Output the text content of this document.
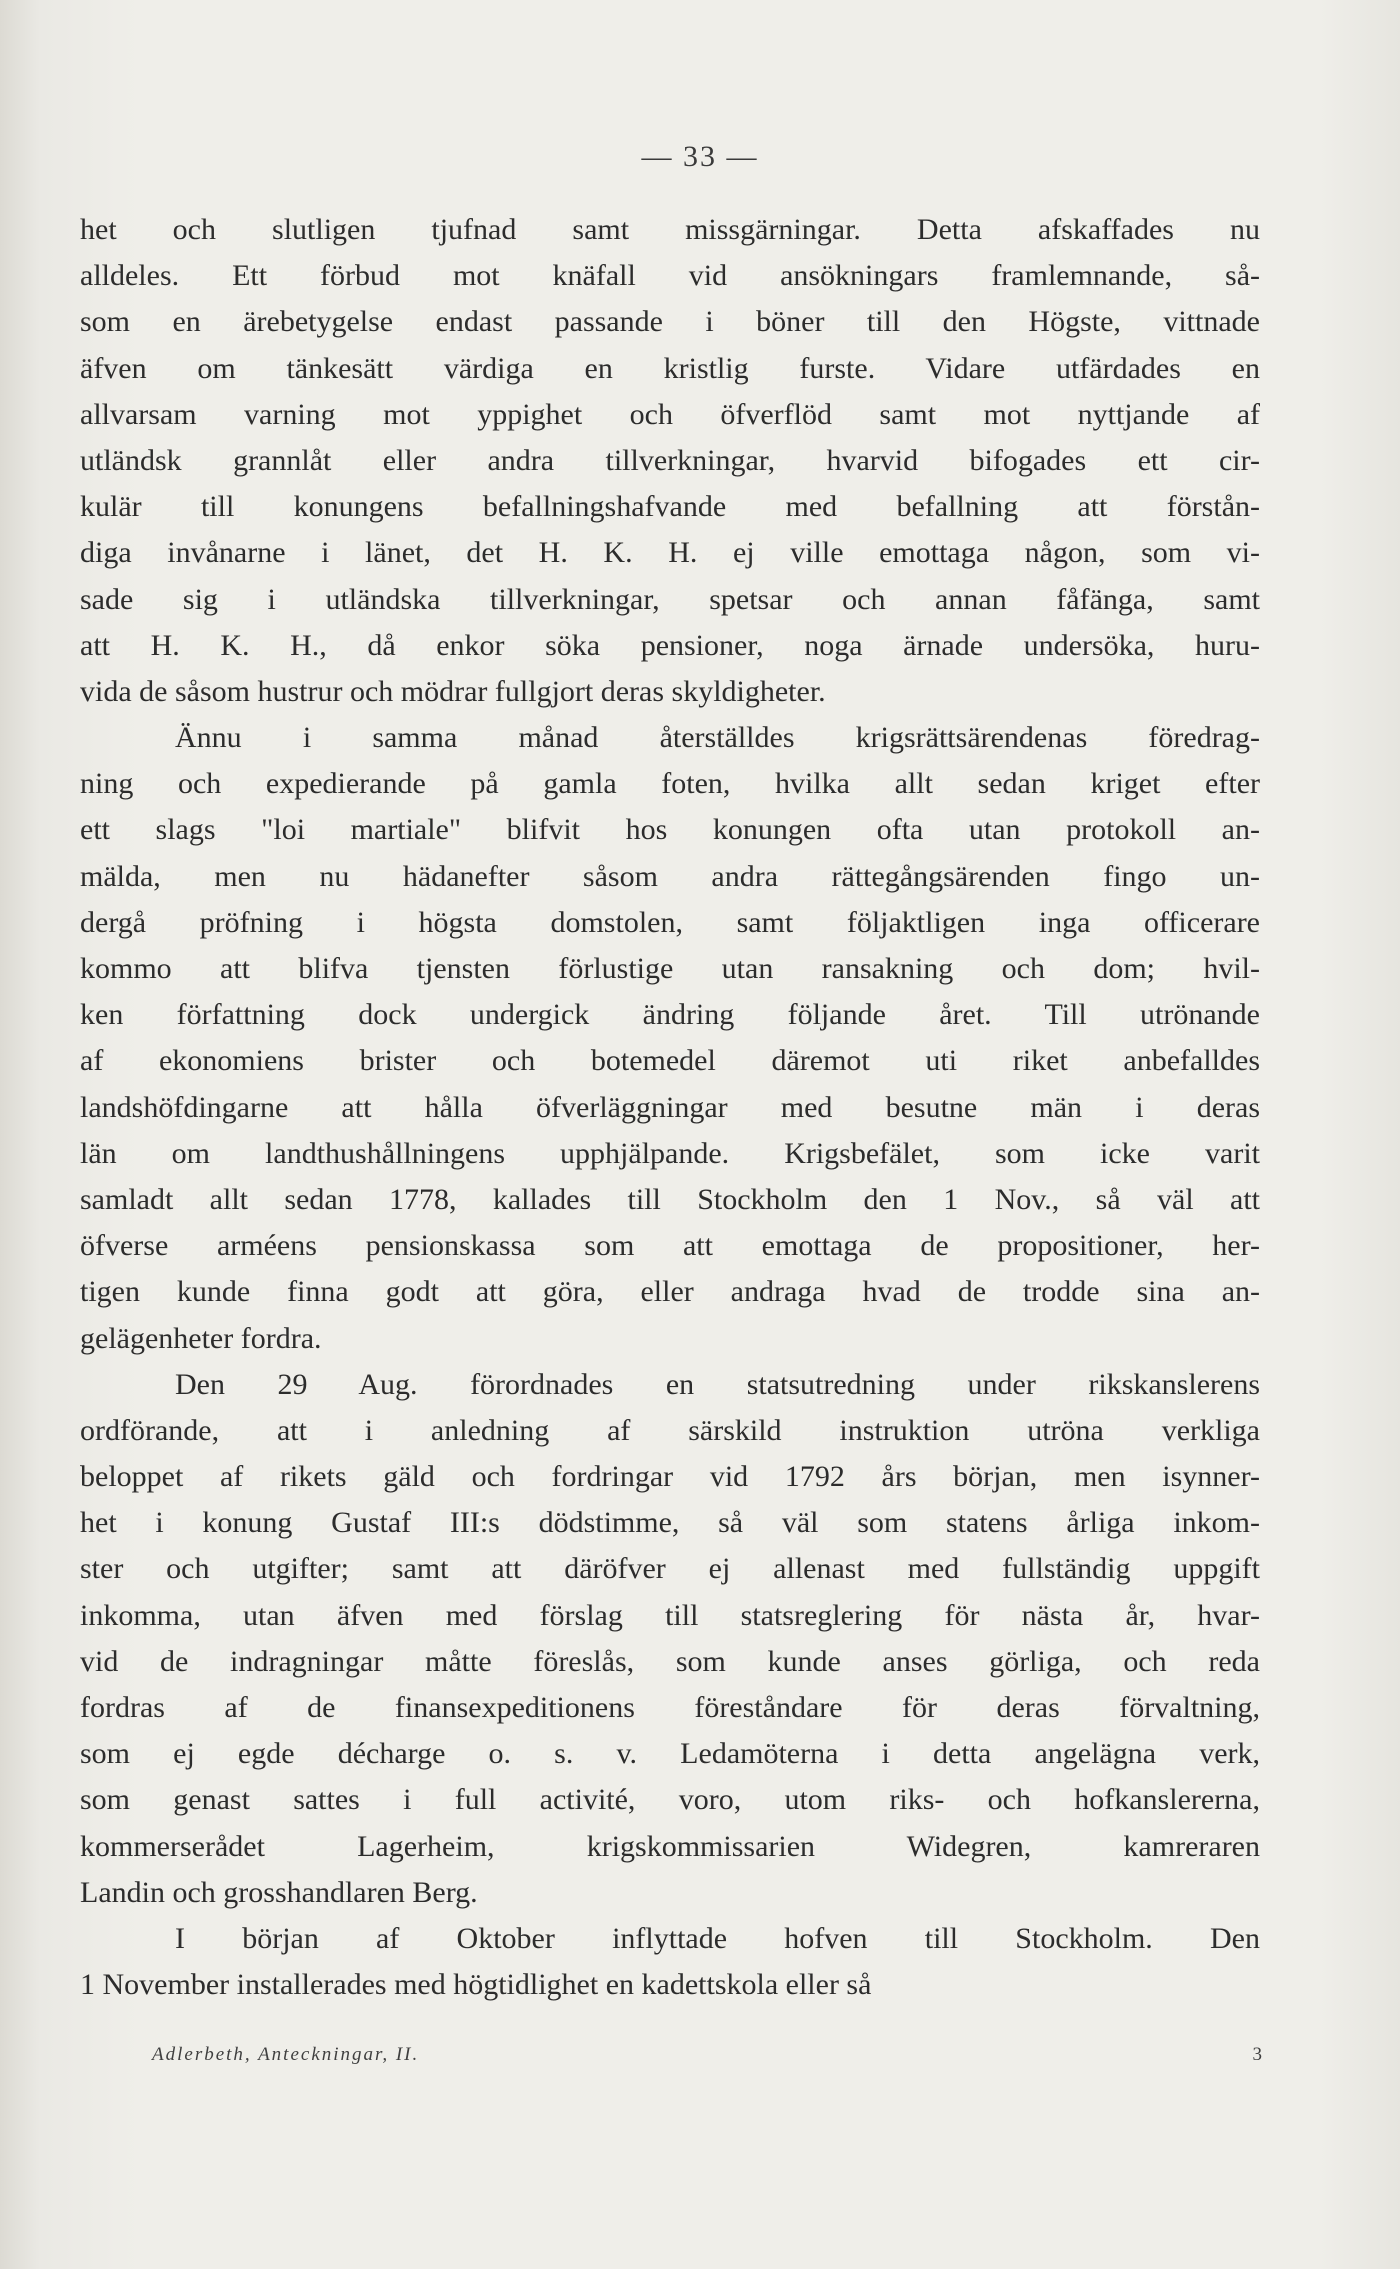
— 33 —
het och slutligen tjufnad samt missgärningar. Detta afskaffades nu
alldeles. Ett förbud mot knäfall vid ansökningars framlemnande, så-
som en ärebetygelse endast passande i böner till den Högste, vittnade
äfven om tänkesätt värdiga en kristlig furste. Vidare utfärdades en
allvarsam varning mot yppighet och öfverflöd samt mot nyttjande af
utländsk grannlåt eller andra tillverkningar, hvarvid bifogades ett cir-
kulär till konungens befallningshafvande med befallning att förstån-
diga invånarne i länet, det H. K. H. ej ville emottaga någon, som vi-
sade sig i utländska tillverkningar, spetsar och annan fåfänga, samt
att H. K. H., då enkor söka pensioner, noga ärnade undersöka, huru-
vida de såsom hustrur och mödrar fullgjort deras skyldigheter.
Ännu i samma månad återställdes krigsrättsärendenas föredrag-
ning och expedierande på gamla foten, hvilka allt sedan kriget efter
ett slags "loi martiale" blifvit hos konungen ofta utan protokoll an-
mälda, men nu hädanefter såsom andra rättegångsärenden fingo un-
dergå pröfning i högsta domstolen, samt följaktligen inga officerare
kommo att blifva tjensten förlustige utan ransakning och dom; hvil-
ken författning dock undergick ändring följande året. Till utrönande
af ekonomiens brister och botemedel däremot uti riket anbefalldes
landshöfdingarne att hålla öfverläggningar med besutne män i deras
län om landthushållningens upphjälpande. Krigsbefälet, som icke varit
samladt allt sedan 1778, kallades till Stockholm den 1 Nov., så väl att
öfverse arméens pensionskassa som att emottaga de propositioner, her-
tigen kunde finna godt att göra, eller andraga hvad de trodde sina an-
gelägenheter fordra.
Den 29 Aug. förordnades en statsutredning under rikskanslerens
ordförande, att i anledning af särskild instruktion utröna verkliga
beloppet af rikets gäld och fordringar vid 1792 års början, men isynner-
het i konung Gustaf III:s dödstimme, så väl som statens årliga inkom-
ster och utgifter; samt att däröfver ej allenast med fullständig uppgift
inkomma, utan äfven med förslag till statsreglering för nästa år, hvar-
vid de indragningar måtte föreslås, som kunde anses görliga, och reda
fordras af de finansexpeditionens föreståndare för deras förvaltning,
som ej egde décharge o. s. v. Ledamöterna i detta angelägna verk,
som genast sattes i full activité, voro, utom riks- och hofkanslererna,
kommerserådet Lagerheim, krigskommissarien Widegren, kamreraren
Landin och grosshandlaren Berg.
I början af Oktober inflyttade hofven till Stockholm. Den
1 November installerades med högtidlighet en kadettskola eller så
Adlerbeth, Anteckningar, II.	3
